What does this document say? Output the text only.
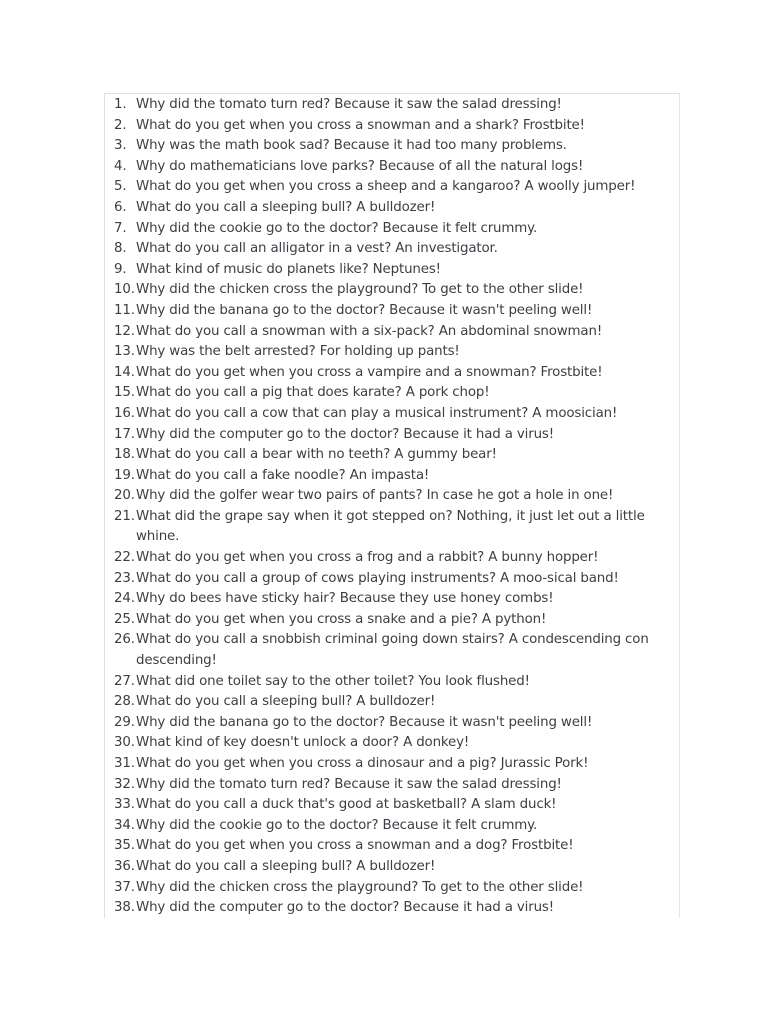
1. Why did the tomato turn red? Because it saw the salad dressing!
2. What do you get when you cross a snowman and a shark? Frostbite!
3. Why was the math book sad? Because it had too many problems.
4. Why do mathematicians love parks? Because of all the natural logs!
5. What do you get when you cross a sheep and a kangaroo? A woolly jumper!
6. What do you call a sleeping bull? A bulldozer!
7. Why did the cookie go to the doctor? Because it felt crummy.
8. What do you call an alligator in a vest? An investigator.
9. What kind of music do planets like? Neptunes!
10. Why did the chicken cross the playground? To get to the other slide!
11. Why did the banana go to the doctor? Because it wasn't peeling well!
12. What do you call a snowman with a six-pack? An abdominal snowman!
13. Why was the belt arrested? For holding up pants!
14. What do you get when you cross a vampire and a snowman? Frostbite!
15. What do you call a pig that does karate? A pork chop!
16. What do you call a cow that can play a musical instrument? A moosician!
17. Why did the computer go to the doctor? Because it had a virus!
18. What do you call a bear with no teeth? A gummy bear!
19. What do you call a fake noodle? An impasta!
20. Why did the golfer wear two pairs of pants? In case he got a hole in one!
21. What did the grape say when it got stepped on? Nothing, it just let out a little whine.
22. What do you get when you cross a frog and a rabbit? A bunny hopper!
23. What do you call a group of cows playing instruments? A moo-sical band!
24. Why do bees have sticky hair? Because they use honey combs!
25. What do you get when you cross a snake and a pie? A python!
26. What do you call a snobbish criminal going down stairs? A condescending con descending!
27. What did one toilet say to the other toilet? You look flushed!
28. What do you call a sleeping bull? A bulldozer!
29. Why did the banana go to the doctor? Because it wasn't peeling well!
30. What kind of key doesn't unlock a door? A donkey!
31. What do you get when you cross a dinosaur and a pig? Jurassic Pork!
32. Why did the tomato turn red? Because it saw the salad dressing!
33. What do you call a duck that's good at basketball? A slam duck!
34. Why did the cookie go to the doctor? Because it felt crummy.
35. What do you get when you cross a snowman and a dog? Frostbite!
36. What do you call a sleeping bull? A bulldozer!
37. Why did the chicken cross the playground? To get to the other slide!
38. Why did the computer go to the doctor? Because it had a virus!
